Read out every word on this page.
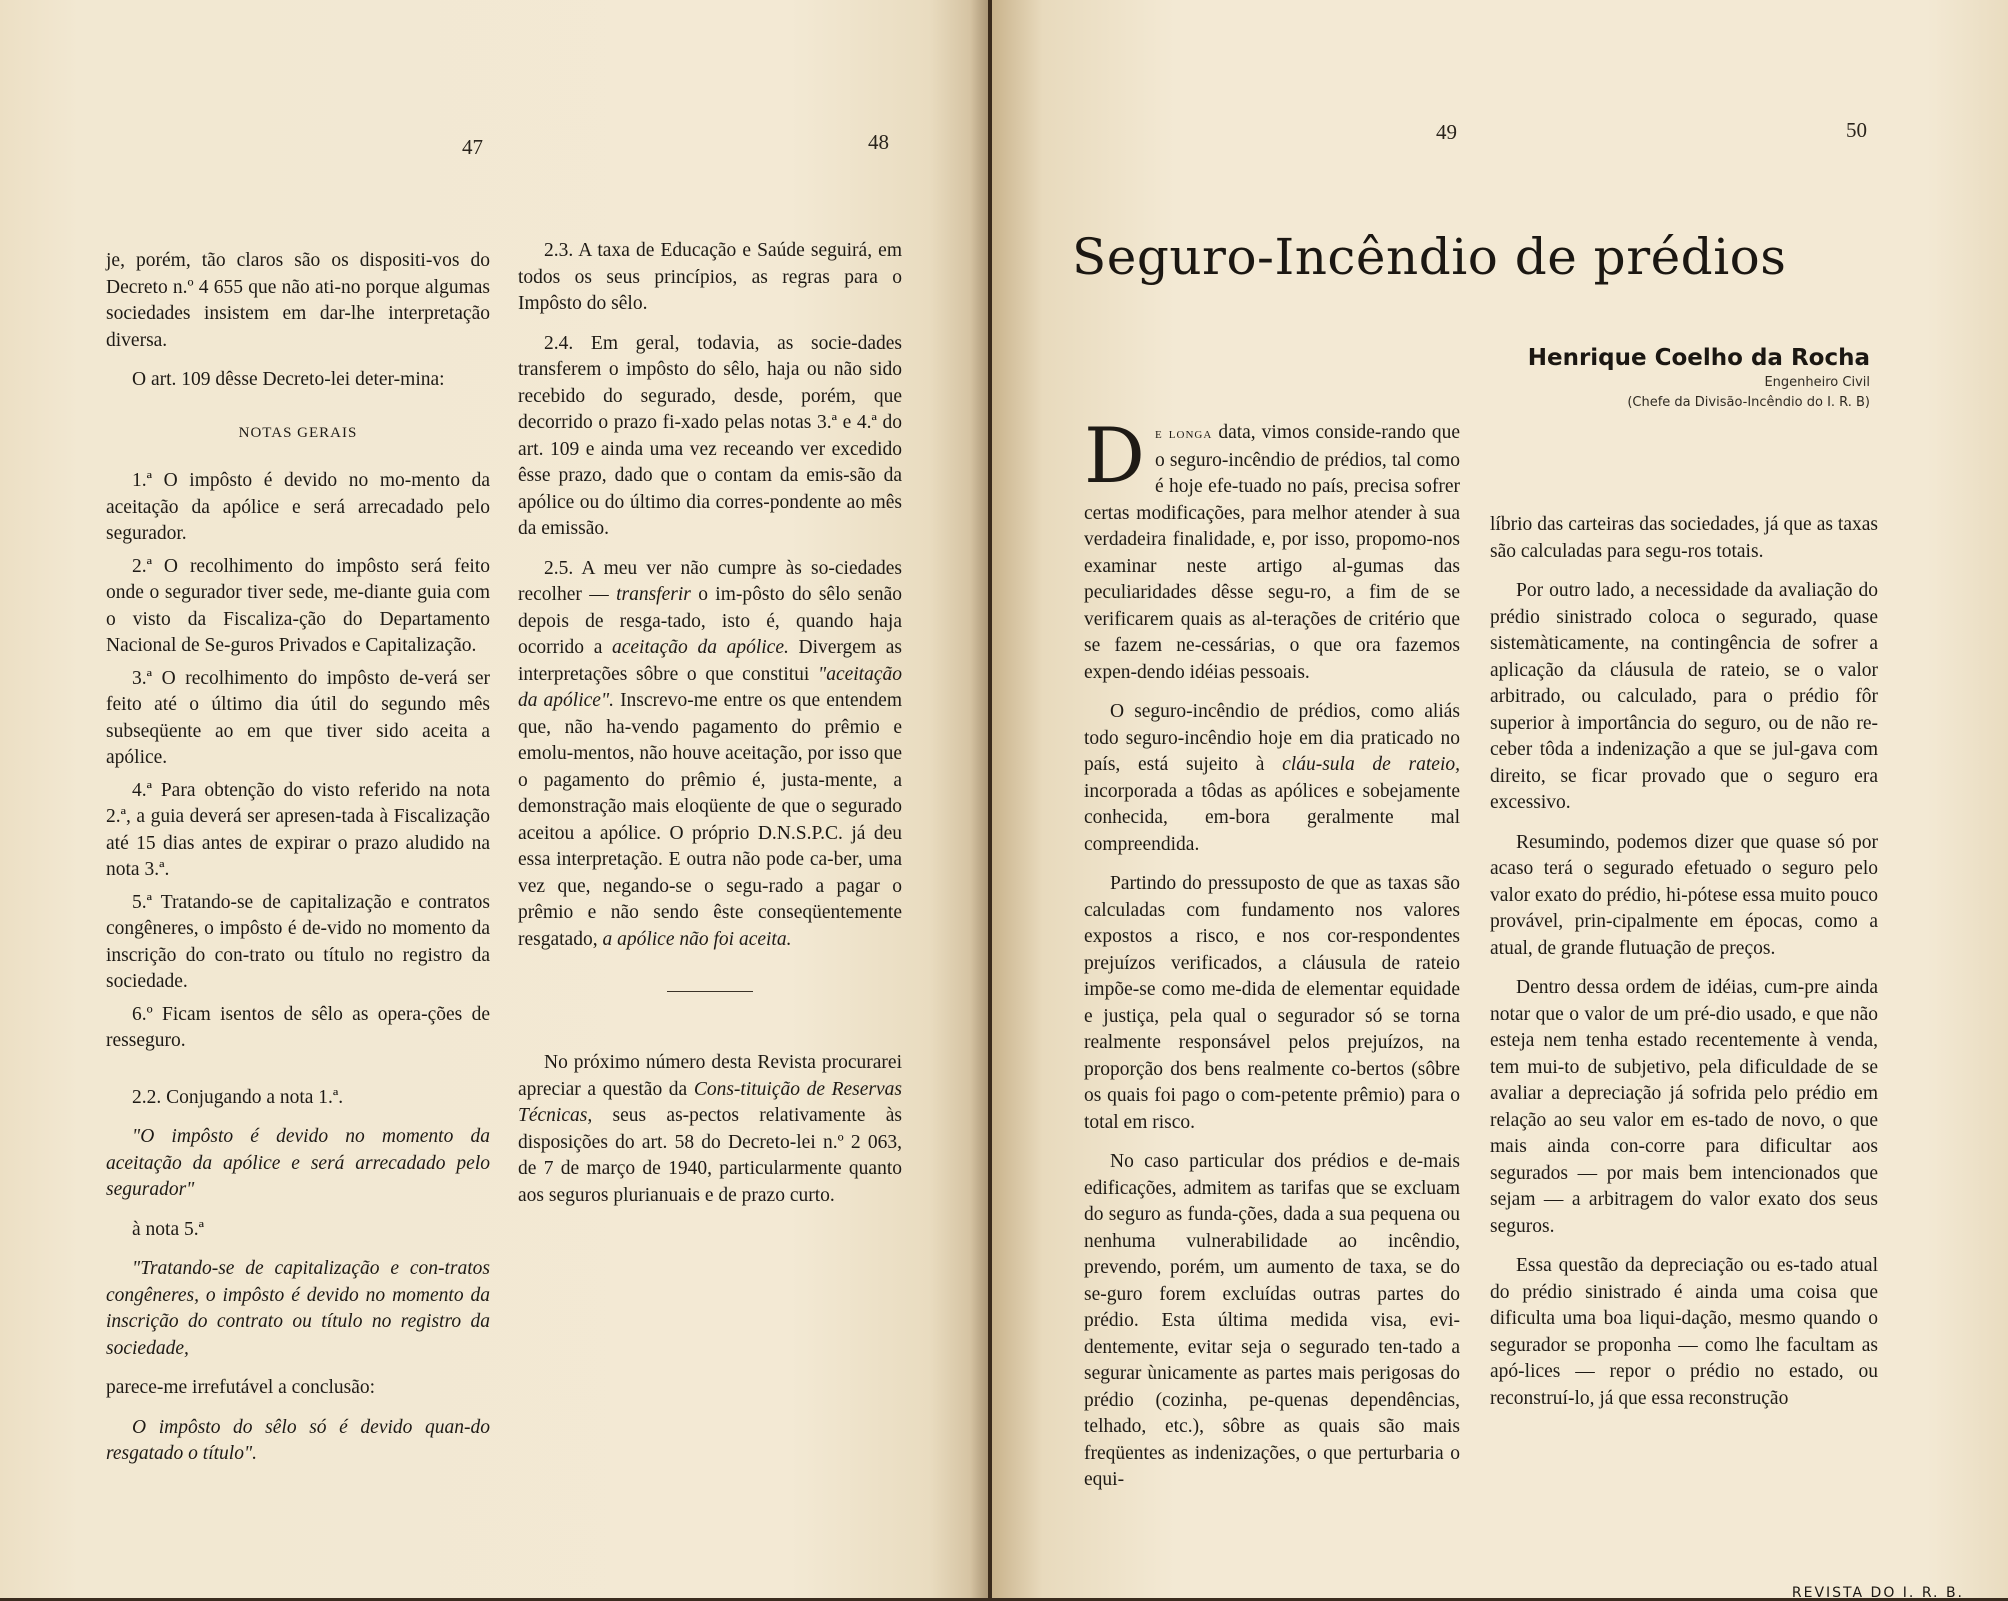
47	48

je, porém, tão claros são os dispositi-vos do Decreto n.º 4 655 que não ati-no porque algumas sociedades insistem em dar-lhe interpretação diversa.

O art. 109 dêsse Decreto-lei deter-mina:

NOTAS GERAIS

1.ª O impôsto é devido no mo-mento da aceitação da apólice e será arrecadado pelo segurador.

2.ª O recolhimento do impôsto será feito onde o segurador tiver sede, me-diante guia com o visto da Fiscaliza-ção do Departamento Nacional de Se-guros Privados e Capitalização.

3.ª O recolhimento do impôsto de-verá ser feito até o último dia útil do segundo mês subseqüente ao em que tiver sido aceita a apólice.

4.ª Para obtenção do visto referido na nota 2.ª, a guia deverá ser apresen-tada à Fiscalização até 15 dias antes de expirar o prazo aludido na nota 3.ª.

5.ª Tratando-se de capitalização e contratos congêneres, o impôsto é de-vido no momento da inscrição do con-trato ou título no registro da sociedade.

6.º Ficam isentos de sêlo as opera-ções de resseguro.

2.2. Conjugando a nota 1.ª.

"O impôsto é devido no momento da aceitação da apólice e será arrecadado pelo segurador"

à nota 5.ª

"Tratando-se de capitalização e con-tratos congêneres, o impôsto é devido no momento da inscrição do contrato ou título no registro da sociedade,

parece-me irrefutável a conclusão:

O impôsto do sêlo só é devido quan-do resgatado o título".

2.3. A taxa de Educação e Saúde seguirá, em todos os seus princípios, as regras para o Impôsto do sêlo.

2.4. Em geral, todavia, as socie-dades transferem o impôsto do sêlo, haja ou não sido recebido do segurado, desde, porém, que decorrido o prazo fi-xado pelas notas 3.ª e 4.ª do art. 109 e ainda uma vez receando ver excedido êsse prazo, dado que o contam da emis-são da apólice ou do último dia corres-pondente ao mês da emissão.

2.5. A meu ver não cumpre às so-ciedades recolher — transferir o im-pôsto do sêlo senão depois de resga-tado, isto é, quando haja ocorrido a aceitação da apólice. Divergem as interpretações sôbre o que constitui "aceitação da apólice". Inscrevo-me entre os que entendem que, não ha-vendo pagamento do prêmio e emolu-mentos, não houve aceitação, por isso que o pagamento do prêmio é, justa-mente, a demonstração mais eloqüente de que o segurado aceitou a apólice. O próprio D.N.S.P.C. já deu essa interpretação. E outra não pode ca-ber, uma vez que, negando-se o segu-rado a pagar o prêmio e não sendo êste conseqüentemente resgatado, a apólice não foi aceita.

No próximo número desta Revista procurarei apreciar a questão da Cons-tituição de Reservas Técnicas, seus as-pectos relativamente às disposições do art. 58 do Decreto-lei n.º 2 063, de 7 de março de 1940, particularmente quanto aos seguros plurianuais e de prazo curto.

49	50
Seguro-Incêndio de prédios
Henrique Coelho da Rocha
Engenheiro Civil
(Chefe da Divisão-Incêndio do I. R. B)

De longa data, vimos conside-rando que o seguro-incêndio de prédios, tal como é hoje efe-tuado no país, precisa sofrer certas modificações, para melhor atender à sua verdadeira finalidade, e, por isso, propomo-nos examinar neste artigo al-gumas das peculiaridades dêsse segu-ro, a fim de se verificarem quais as al-terações de critério que se fazem ne-cessárias, o que ora fazemos expen-dendo idéias pessoais.

O seguro-incêndio de prédios, como aliás todo seguro-incêndio hoje em dia praticado no país, está sujeito à cláu-sula de rateio, incorporada a tôdas as apólices e sobejamente conhecida, em-bora geralmente mal compreendida.

Partindo do pressuposto de que as taxas são calculadas com fundamento nos valores expostos a risco, e nos cor-respondentes prejuízos verificados, a cláusula de rateio impõe-se como me-dida de elementar equidade e justiça, pela qual o segurador só se torna realmente responsável pelos prejuízos, na proporção dos bens realmente co-bertos (sôbre os quais foi pago o com-petente prêmio) para o total em risco.

No caso particular dos prédios e de-mais edificações, admitem as tarifas que se excluam do seguro as funda-ções, dada a sua pequena ou nenhuma vulnerabilidade ao incêndio, prevendo, porém, um aumento de taxa, se do se-guro forem excluídas outras partes do prédio. Esta última medida visa, evi-dentemente, evitar seja o segurado ten-tado a segurar ùnicamente as partes mais perigosas do prédio (cozinha, pe-quenas dependências, telhado, etc.), sôbre as quais são mais freqüentes as indenizações, o que perturbaria o equi-

líbrio das carteiras das sociedades, já que as taxas são calculadas para segu-ros totais.

Por outro lado, a necessidade da avaliação do prédio sinistrado coloca o segurado, quase sistemàticamente, na contingência de sofrer a aplicação da cláusula de rateio, se o valor arbitrado, ou calculado, para o prédio fôr superior à importância do seguro, ou de não re-ceber tôda a indenização a que se jul-gava com direito, se ficar provado que o seguro era excessivo.

Resumindo, podemos dizer que quase só por acaso terá o segurado efetuado o seguro pelo valor exato do prédio, hi-pótese essa muito pouco provável, prin-cipalmente em épocas, como a atual, de grande flutuação de preços.

Dentro dessa ordem de idéias, cum-pre ainda notar que o valor de um pré-dio usado, e que não esteja nem tenha estado recentemente à venda, tem mui-to de subjetivo, pela dificuldade de se avaliar a depreciação já sofrida pelo prédio em relação ao seu valor em es-tado de novo, o que mais ainda con-corre para dificultar aos segurados — por mais bem intencionados que sejam — a arbitragem do valor exato dos seus seguros.

Essa questão da depreciação ou es-tado atual do prédio sinistrado é ainda uma coisa que dificulta uma boa liqui-dação, mesmo quando o segurador se proponha — como lhe facultam as apó-lices — repor o prédio no estado, ou reconstruí-lo, já que essa reconstrução

REVISTA DO I. R. B.
